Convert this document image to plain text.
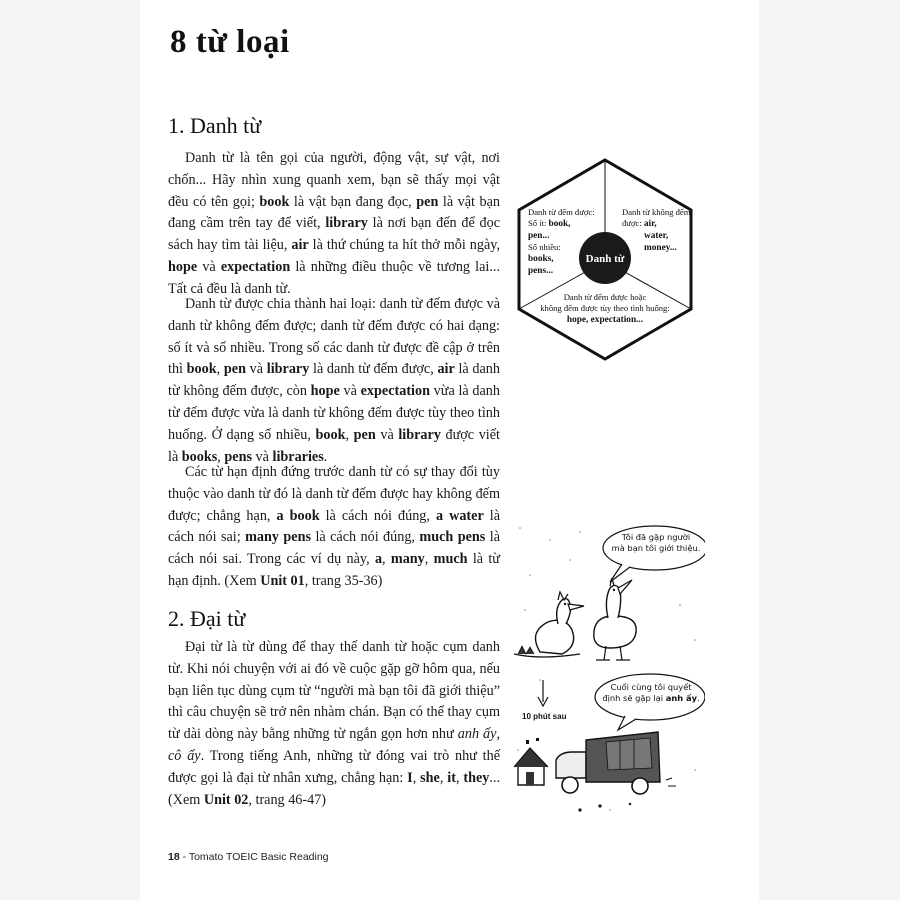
8 từ loại
1. Danh từ

Danh từ là tên gọi của người, động vật, sự vật, nơi chốn... Hãy nhìn xung quanh xem, bạn sẽ thấy mọi vật đều có tên gọi; book là vật bạn đang đọc, pen là vật bạn đang cầm trên tay để viết, library là nơi bạn đến để đọc sách hay tìm tài liệu, air là thứ chúng ta hít thở mỗi ngày, hope và expectation là những điều thuộc về tương lai... Tất cả đều là danh từ.

Danh từ được chia thành hai loại: danh từ đếm được và danh từ không đếm được; danh từ đếm được có hai dạng: số ít và số nhiều. Trong số các danh từ được đề cập ở trên thì book, pen và library là danh từ đếm được, air là danh từ không đếm được, còn hope và expectation vừa là danh từ đếm được vừa là danh từ không đếm được tùy theo tình huống. Ở dạng số nhiều, book, pen và library được viết là books, pens và libraries.

Các từ hạn định đứng trước danh từ có sự thay đổi tùy thuộc vào danh từ đó là danh từ đếm được hay không đếm được; chẳng hạn, a book là cách nói đúng, a water là cách nói sai; many pens là cách nói đúng, much pens là cách nói sai. Trong các ví dụ này, a, many, much là từ hạn định. (Xem Unit 01, trang 35-36)

2. Đại từ

Đại từ là từ dùng để thay thế danh từ hoặc cụm danh từ. Khi nói chuyện với ai đó về cuộc gặp gỡ hôm qua, nếu bạn liên tục dùng cụm từ “người mà bạn tôi đã giới thiệu” thì câu chuyện sẽ trở nên nhàm chán. Bạn có thể thay cụm từ dài dòng này bằng những từ ngắn gọn hơn như anh ấy, cô ấy. Trong tiếng Anh, những từ đóng vai trò như thế được gọi là đại từ nhân xưng, chẳng hạn: I, she, it, they... (Xem Unit 02, trang 46-47)

Danh từ
Danh từ đếm được:
Số ít: book,
pen...
Số nhiều:
books,
pens...
Danh từ không đếm
được: air,
water,
money...
Danh từ đếm được hoặc
không đếm được tùy theo tình huống:
hope, expectation...
Tôi đã gặp người
mà bạn tôi giới thiệu.
10 phút sau
Cuối cùng tôi quyết
định sẽ gặp lại anh ấy.
18 - Tomato TOEIC Basic Reading
